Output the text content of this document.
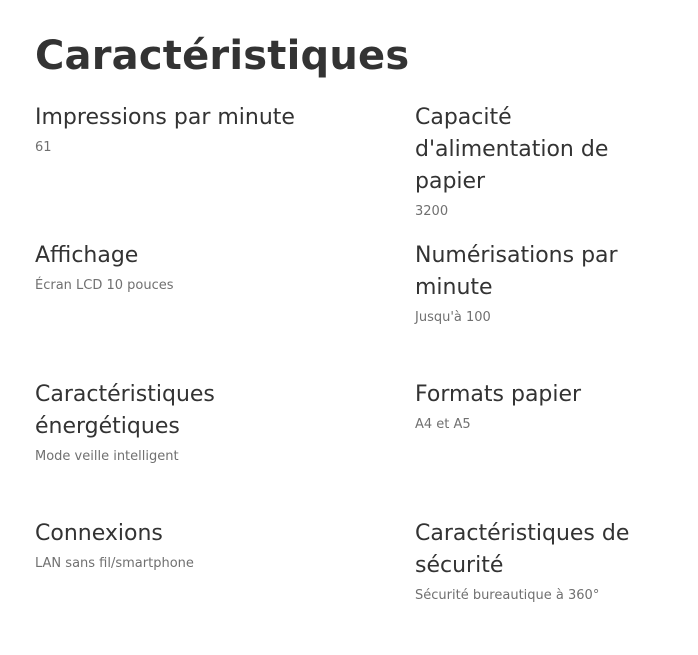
Caractéristiques
Impressions par minute
61
Capacité d'alimentation de papier
3200
Affichage
Écran LCD 10 pouces
Numérisations par minute
Jusqu'à 100
Caractéristiques énergétiques
Mode veille intelligent
Formats papier
A4 et A5
Connexions
LAN sans fil/smartphone
Caractéristiques de sécurité
Sécurité bureautique à 360°
